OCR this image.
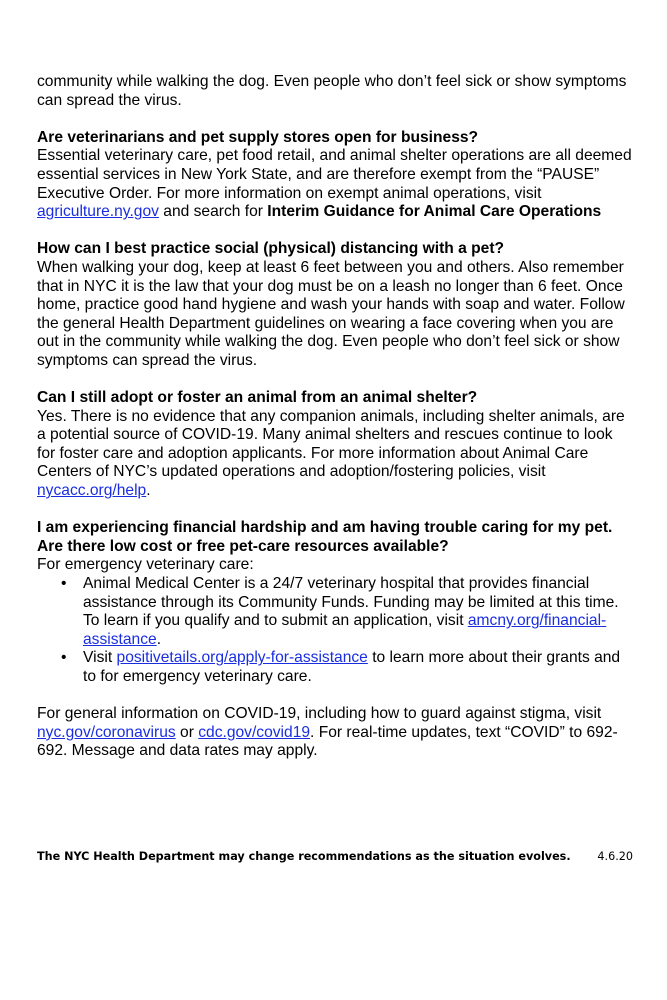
community while walking the dog. Even people who don’t feel sick or show symptoms can spread the virus.

Are veterinarians and pet supply stores open for business?

Essential veterinary care, pet food retail, and animal shelter operations are all deemed essential services in New York State, and are therefore exempt from the “PAUSE” Executive Order. For more information on exempt animal operations, visit agriculture.ny.gov and search for Interim Guidance for Animal Care Operations

How can I best practice social (physical) distancing with a pet?

When walking your dog, keep at least 6 feet between you and others. Also remember that in NYC it is the law that your dog must be on a leash no longer than 6 feet. Once home, practice good hand hygiene and wash your hands with soap and water. Follow the general Health Department guidelines on wearing a face covering when you are out in the community while walking the dog. Even people who don’t feel sick or show symptoms can spread the virus.

Can I still adopt or foster an animal from an animal shelter?

Yes. There is no evidence that any companion animals, including shelter animals, are a potential source of COVID-19. Many animal shelters and rescues continue to look for foster care and adoption applicants. For more information about Animal Care Centers of NYC’s updated operations and adoption/fostering policies, visit nycacc.org/help.

I am experiencing financial hardship and am having trouble caring for my pet. Are there low cost or free pet-care resources available?

For emergency veterinary care:

• Animal Medical Center is a 24/7 veterinary hospital that provides financial assistance through its Community Funds. Funding may be limited at this time. To learn if you qualify and to submit an application, visit amcny.org/financial-assistance.
• Visit positivetails.org/apply-for-assistance to learn more about their grants and to for emergency veterinary care.

For general information on COVID-19, including how to guard against stigma, visit nyc.gov/coronavirus or cdc.gov/covid19. For real-time updates, text “COVID” to 692-692. Message and data rates may apply.

The NYC Health Department may change recommendations as the situation evolves. 4.6.20
